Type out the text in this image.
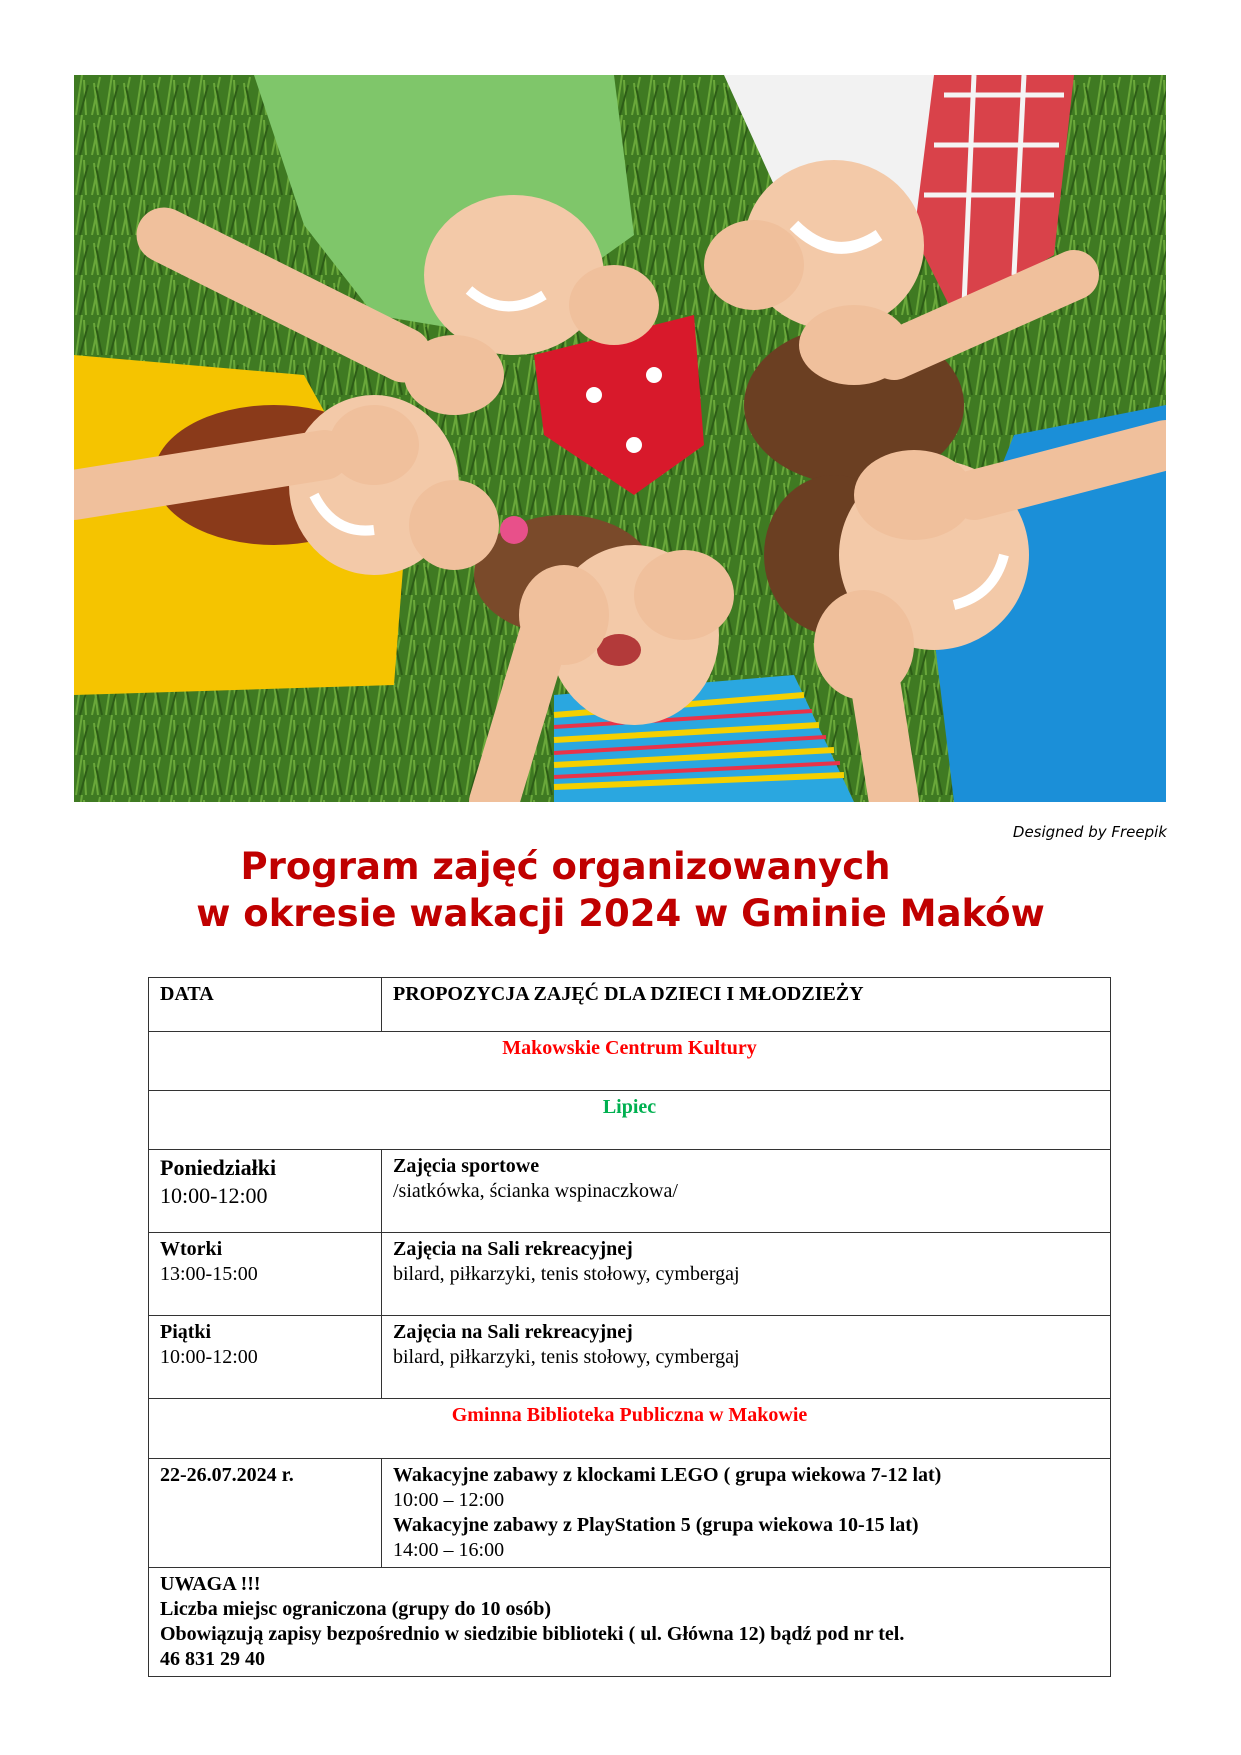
Designed by Freepik
Program zajęć organizowanych
w okresie wakacji 2024 w Gminie Maków
DATA	PROPOZYCJA ZAJĘĆ DLA DZIECI I MŁODZIEŻY
Makowskie Centrum Kultury	
Lipiec	

Poniedziałki
10:00-12:00	Zajęcia sportowe
/siatkówka, ścianka wspinaczkowa/

Wtorki
13:00-15:00	Zajęcia na Sali rekreacyjnej
bilard, piłkarzyki, tenis stołowy, cymbergaj

Piątki
10:00-12:00	Zajęcia na Sali rekreacyjnej
bilard, piłkarzyki, tenis stołowy, cymbergaj

Gminna Biblioteka Publiczna w Makowie	

22-26.07.2024 r.	Wakacyjne zabawy z klockami LEGO ( grupa wiekowa 7-12 lat)
10:00 – 12:00
Wakacyjne zabawy z PlayStation 5 (grupa wiekowa 10-15 lat)
14:00 – 16:00

UWAGA !!!
Liczba miejsc ograniczona (grupy do 10 osób)
Obowiązują zapisy bezpośrednio w siedzibie biblioteki ( ul. Główna 12) bądź pod nr tel.
46 831 29 40	
